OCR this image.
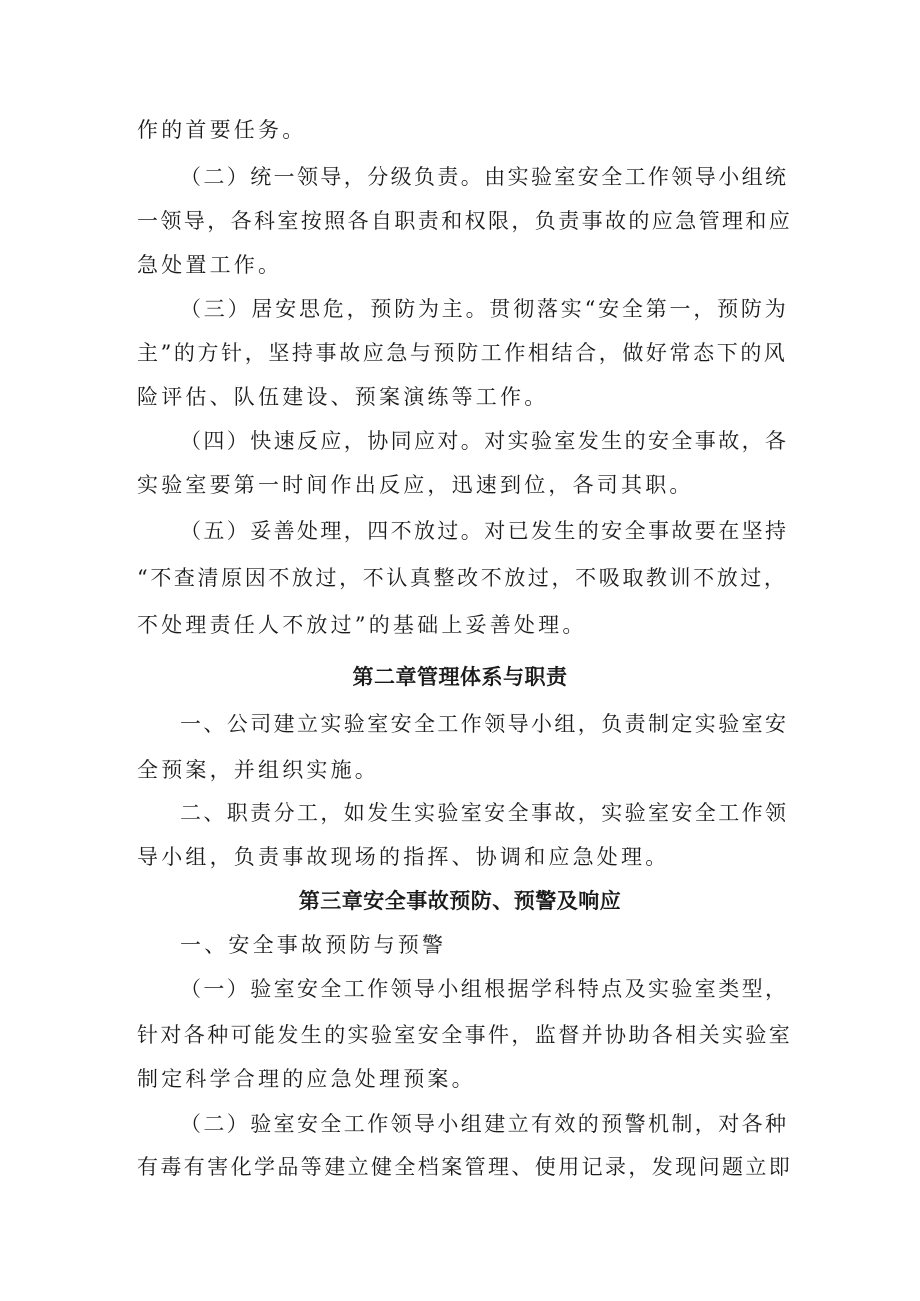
作的首要任务。
（二）统一领导，分级负责。由实验室安全工作领导小组统
一领导，各科室按照各自职责和权限，负责事故的应急管理和应
急处置工作。
（三）居安思危，预防为主。贯彻落实“安全第一，预防为
主”的方针，坚持事故应急与预防工作相结合，做好常态下的风
险评估、队伍建设、预案演练等工作。
（四）快速反应，协同应对。对实验室发生的安全事故，各
实验室要第一时间作出反应，迅速到位，各司其职。
（五）妥善处理，四不放过。对已发生的安全事故要在坚持
“不查清原因不放过，不认真整改不放过，不吸取教训不放过，
不处理责任人不放过”的基础上妥善处理。
第二章管理体系与职责
一、公司建立实验室安全工作领导小组，负责制定实验室安
全预案，并组织实施。
二、职责分工，如发生实验室安全事故，实验室安全工作领
导小组，负责事故现场的指挥、协调和应急处理。
第三章安全事故预防、预警及响应
一、安全事故预防与预警
（一）验室安全工作领导小组根据学科特点及实验室类型，
针对各种可能发生的实验室安全事件，监督并协助各相关实验室
制定科学合理的应急处理预案。
（二）验室安全工作领导小组建立有效的预警机制，对各种
有毒有害化学品等建立健全档案管理、使用记录，发现问题立即
